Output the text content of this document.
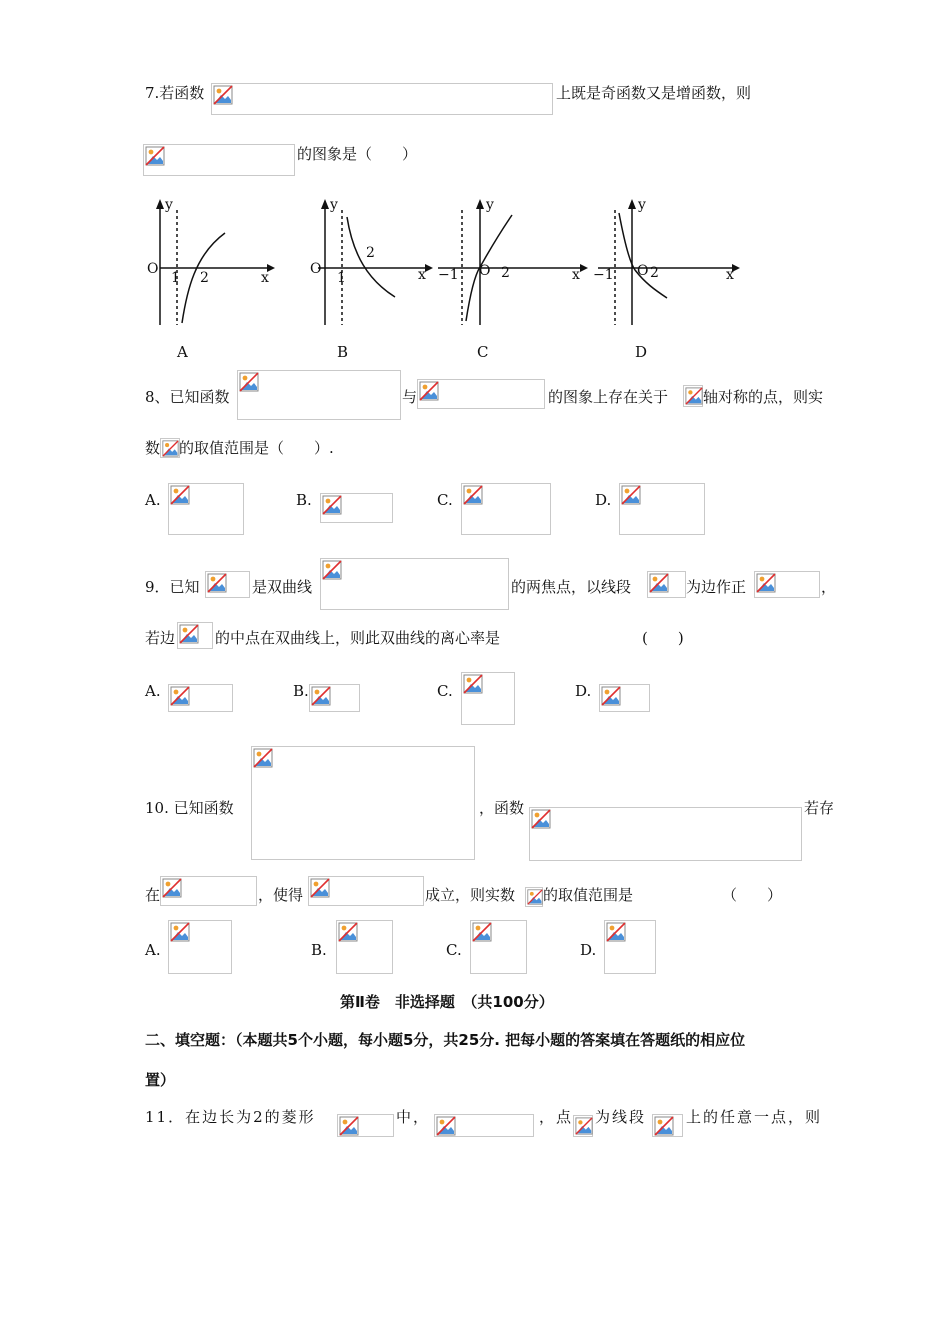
7.若函数	上既是奇函数又是增函数，则
的图象是（　　）
O
1 2	x
y
O
1
2
x
y
−1 O 2	x
y
−1 O 2	x
y
A	B	C	D
8、已知函数	与	的图象上存在关于 轴对称的点，则实
数 的取值范围是（　　）.
A.	B.	C.	D.
9．已知	是双曲线	的两焦点，以线段	为边作正	，
若边	的中点在双曲线上，则此双曲线的离心率是	(　　)
A.	B.	C.	D.
10. 已知函数	，函数	若存
在	，使得	成立，则实数 的取值范围是	（　　）
A.	B.	C.	D.
第Ⅱ卷　非选择题　（共100分）
二、填空题：（本题共5个小题，每小题5分，共25分. 把每小题的答案填在答题纸的相应位
置）
11．在边长为2的菱形	中，	，点 为线段	上的任意一点，则
